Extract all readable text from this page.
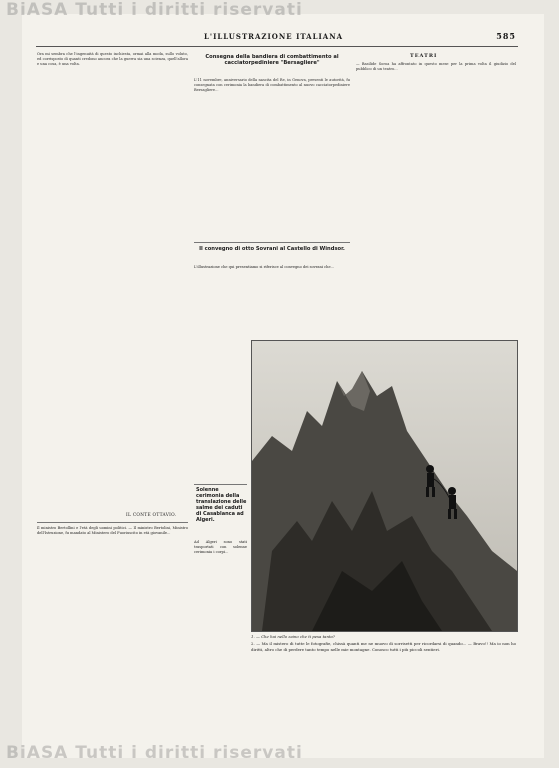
BiASA Tutti i diritti riservati
L'ILLUSTRAZIONE ITALIANA	585
Ora mi sembra che l'ingenuità di questo inchiesta, ormai alla moda, sullo voluto, ed corrisposto di quanti credono ancora che la guerra sia una scienza, quell'allora e una cosa, è una volta.
IL CONTE OTTAVIO.
Il ministro Bertollini e l'età degli uomini politici. — Il ministro Bertolini, Ministro dell'Istruzione, fu mandato al Ministero del Fuoriuscito in età giovanile...
Consegna della bandiera di combattimento al cacciatorpediniere "Bersagliere"
L'11 novembre, anniversario della nascita del Re, in Genova, presenti le autorità, fu consegnata con cerimonia la bandiera di combattimento al nuovo cacciatorpediniere Bersagliere...
Il convegno di otto Sovrani al Castello di Windsor.
L'illustrazione che qui presentiamo si riferisce al convegno dei sovrani che...
Solenne cerimonia della translazione delle salme dei caduti di Casablanca ad Algeri.
Ad Algeri sono stati trasportati con solenne cerimonia i corpi...
TEATRI
— Basilide Soroa ha affrontato in questo mese per la prima volta il giudizio del pubblico di un teatro...
1. — Che hai nello zaino che ti pesa tanto?
2. — Ma il mistero di tutte le fotografie, chissà quanti me ne muovo di sorrisetti per ricordarsi di quando... — Bravo!! Ma io non ho diritti, altro che di perdere tanto tempo nelle mie montagne. Conosco tutti i più piccoli sentieri.
BiASA Tutti i diritti riservati
